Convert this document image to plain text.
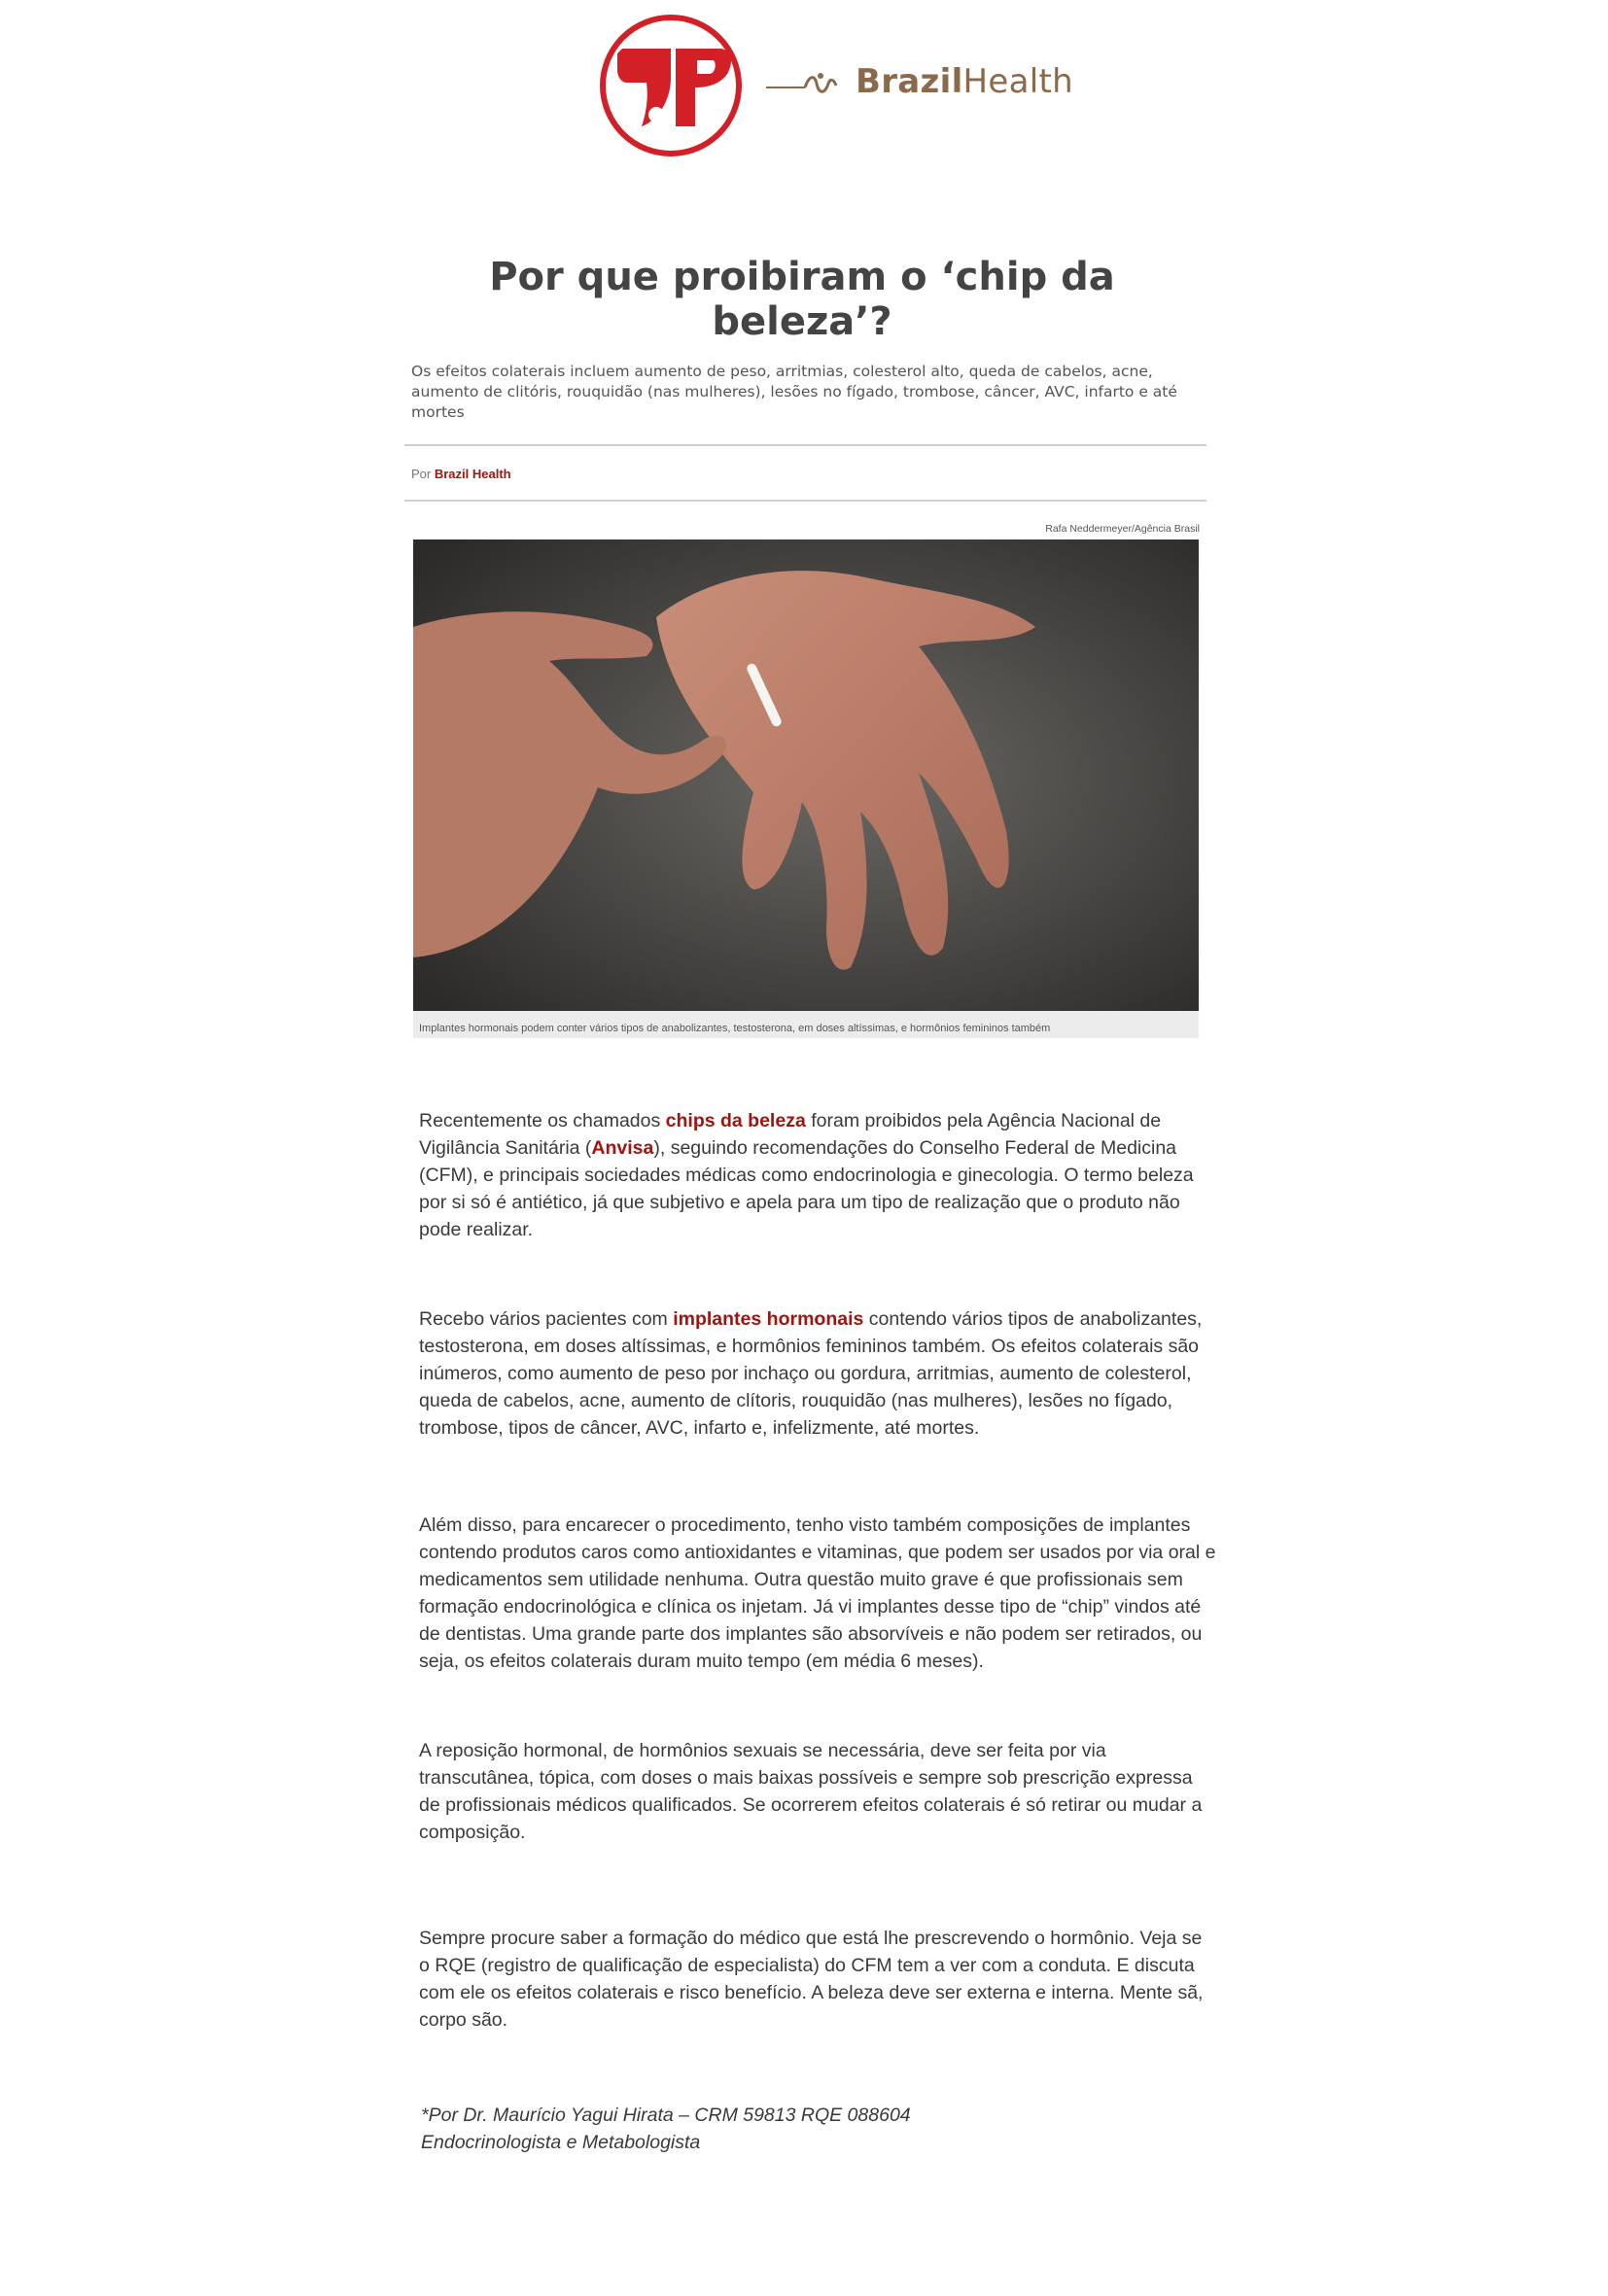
BrazilHealth
Por que proibiram o ‘chip da beleza’?
Os efeitos colaterais incluem aumento de peso, arritmias, colesterol alto, queda de cabelos, acne, aumento de clitóris, rouquidão (nas mulheres), lesões no fígado, trombose, câncer, AVC, infarto e até mortes
Por Brazil Health
Rafa Neddermeyer/Agência Brasil
Implantes hormonais podem conter vários tipos de anabolizantes, testosterona, em doses altíssimas, e hormônios femininos também
Recentemente os chamados chips da beleza foram proibidos pela Agência Nacional de Vigilância Sanitária (Anvisa), seguindo recomendações do Conselho Federal de Medicina (CFM), e principais sociedades médicas como endocrinologia e ginecologia. O termo beleza por si só é antiético, já que subjetivo e apela para um tipo de realização que o produto não pode realizar.
Recebo vários pacientes com implantes hormonais contendo vários tipos de anabolizantes, testosterona, em doses altíssimas, e hormônios femininos também. Os efeitos colaterais são inúmeros, como aumento de peso por inchaço ou gordura, arritmias, aumento de colesterol, queda de cabelos, acne, aumento de clítoris, rouquidão (nas mulheres), lesões no fígado, trombose, tipos de câncer, AVC, infarto e, infelizmente, até mortes.
Além disso, para encarecer o procedimento, tenho visto também composições de implantes contendo produtos caros como antioxidantes e vitaminas, que podem ser usados por via oral e medicamentos sem utilidade nenhuma. Outra questão muito grave é que profissionais sem formação endocrinológica e clínica os injetam. Já vi implantes desse tipo de “chip” vindos até de dentistas. Uma grande parte dos implantes são absorvíveis e não podem ser retirados, ou seja, os efeitos colaterais duram muito tempo (em média 6 meses).
A reposição hormonal, de hormônios sexuais se necessária, deve ser feita por via transcutânea, tópica, com doses o mais baixas possíveis e sempre sob prescrição expressa de profissionais médicos qualificados. Se ocorrerem efeitos colaterais é só retirar ou mudar a composição.
Sempre procure saber a formação do médico que está lhe prescrevendo o hormônio. Veja se o RQE (registro de qualificação de especialista) do CFM tem a ver com a conduta. E discuta com ele os efeitos colaterais e risco benefício. A beleza deve ser externa e interna. Mente sã, corpo são.
*Por Dr. Maurício Yagui Hirata – CRM 59813 RQE 088604
Endocrinologista e Metabologista
